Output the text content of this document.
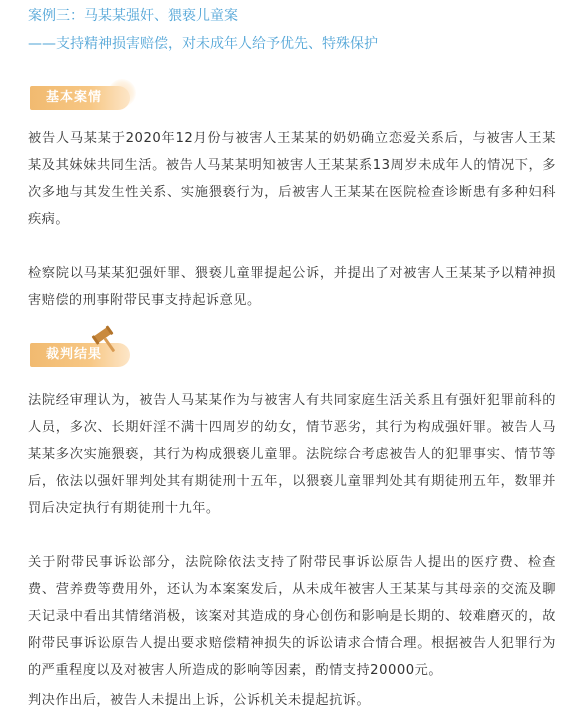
案例三：马某某强奸、猥亵儿童案
——支持精神损害赔偿，对未成年人给予优先、特殊保护
基本案情

被告人马某某于2020年12月份与被害人王某某的奶奶确立恋爱关系后，与被害人王某某及其妹妹共同生活。被告人马某某明知被害人王某某系13周岁未成年人的情况下，多次多地与其发生性关系、实施猥亵行为，后被害人王某某在医院检查诊断患有多种妇科疾病。

检察院以马某某犯强奸罪、猥亵儿童罪提起公诉，并提出了对被害人王某某予以精神损害赔偿的刑事附带民事支持起诉意见。

裁判结果

法院经审理认为，被告人马某某作为与被害人有共同家庭生活关系且有强奸犯罪前科的人员，多次、长期奸淫不满十四周岁的幼女，情节恶劣，其行为构成强奸罪。被告人马某某多次实施猥亵，其行为构成猥亵儿童罪。法院综合考虑被告人的犯罪事实、情节等后，依法以强奸罪判处其有期徒刑十五年，以猥亵儿童罪判处其有期徒刑五年，数罪并罚后决定执行有期徒刑十九年。

关于附带民事诉讼部分，法院除依法支持了附带民事诉讼原告人提出的医疗费、检查费、营养费等费用外，还认为本案案发后，从未成年被害人王某某与其母亲的交流及聊天记录中看出其情绪消极，该案对其造成的身心创伤和影响是长期的、较难磨灭的，故附带民事诉讼原告人提出要求赔偿精神损失的诉讼请求合情合理。根据被告人犯罪行为的严重程度以及对被害人所造成的影响等因素，酌情支持20000元。

判决作出后，被告人未提出上诉，公诉机关未提起抗诉。
